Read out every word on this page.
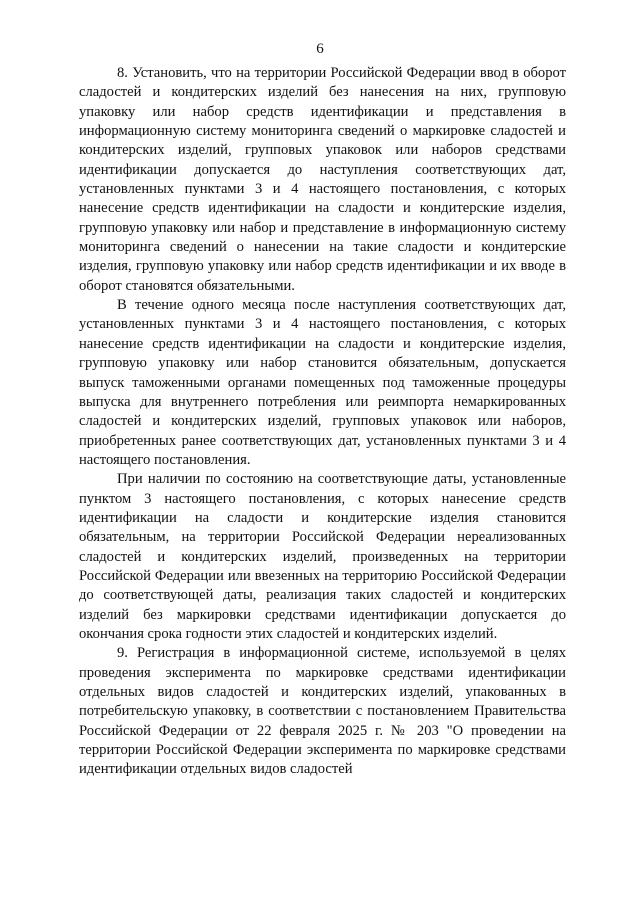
6

8. Установить, что на территории Российской Федерации ввод в оборот сладостей и кондитерских изделий без нанесения на них, групповую упаковку или набор средств идентификации и представления в информационную систему мониторинга сведений о маркировке сладостей и кондитерских изделий, групповых упаковок или наборов средствами идентификации допускается до наступления соответствующих дат, установленных пунктами 3 и 4 настоящего постановления, с которых нанесение средств идентификации на сладости и кондитерские изделия, групповую упаковку или набор и представление в информационную систему мониторинга сведений о нанесении на такие сладости и кондитерские изделия, групповую упаковку или набор средств идентификации и их вводе в оборот становятся обязательными.

В течение одного месяца после наступления соответствующих дат, установленных пунктами 3 и 4 настоящего постановления, с которых нанесение средств идентификации на сладости и кондитерские изделия, групповую упаковку или набор становится обязательным, допускается выпуск таможенными органами помещенных под таможенные процедуры выпуска для внутреннего потребления или реимпорта немаркированных сладостей и кондитерских изделий, групповых упаковок или наборов, приобретенных ранее соответствующих дат, установленных пунктами 3 и 4 настоящего постановления.

При наличии по состоянию на соответствующие даты, установленные пунктом 3 настоящего постановления, с которых нанесение средств идентификации на сладости и кондитерские изделия становится обязательным, на территории Российской Федерации нереализованных сладостей и кондитерских изделий, произведенных на территории Российской Федерации или ввезенных на территорию Российской Федерации до соответствующей даты, реализация таких сладостей и кондитерских изделий без маркировки средствами идентификации допускается до окончания срока годности этих сладостей и кондитерских изделий.

9. Регистрация в информационной системе, используемой в целях проведения эксперимента по маркировке средствами идентификации отдельных видов сладостей и кондитерских изделий, упакованных в потребительскую упаковку, в соответствии с постановлением Правительства Российской Федерации от 22 февраля 2025 г. № 203 "О проведении на территории Российской Федерации эксперимента по маркировке средствами идентификации отдельных видов сладостей
